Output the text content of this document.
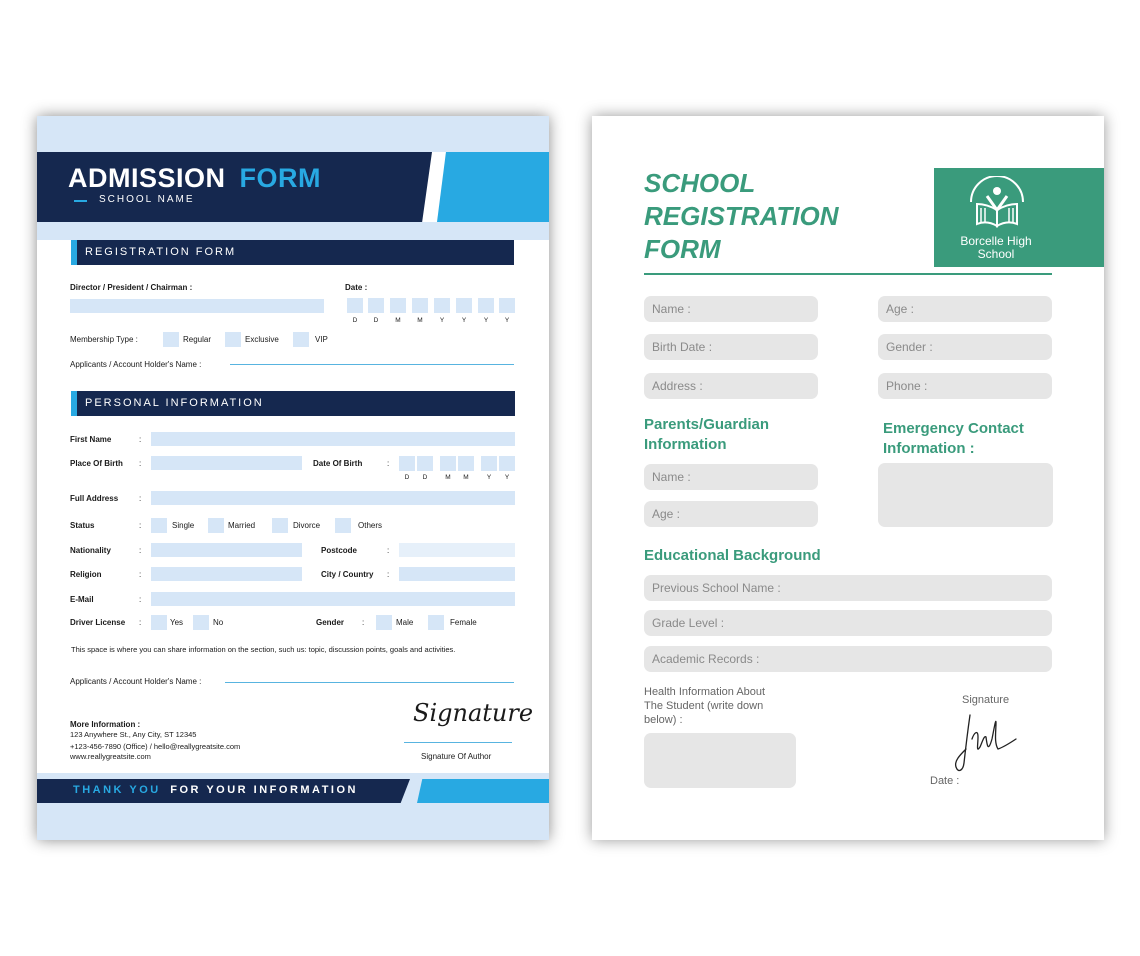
ADMISSION FORM
SCHOOL NAME
REGISTRATION FORM
Director / President / Chairman :	Date :
D	D	M	M	Y	Y	Y	Y
Membership Type :	Regular	Exclusive	VIP
Applicants / Account Holder's Name :
PERSONAL INFORMATION
First Name	:
Place Of Birth :	Date Of Birth	:
D	D	M	M	Y	Y
Full Address	:
Status	:	Single	Married	Divorce	Others
Nationality	:	Postcode	:
Religion	:	City / Country :
E-Mail	:
Driver License :	Yes	No	Gender :	Male	Female
This space is where you can share information on the section, such us: topic, discussion points, goals and activities.
Applicants / Account Holder's Name :
More Information :
123 Anywhere St., Any City, ST 12345
+123-456-7890 (Office) / hello@reallygreatsite.com
www.reallygreatsite.com
Signature
Signature Of Author
THANK YOU FOR YOUR INFORMATION
SCHOOL
REGISTRATION
FORM	Borcelle High
School
Name :	Age :
Birth Date :	Gender :
Address :	Phone :
Parents/Guardian
Information
Emergency Contact
Information :
Name :
Age :
Educational Background
Previous School Name :
Grade Level :
Academic Records :
Health Information About
The Student (write down
below) :
Signature
Date :
